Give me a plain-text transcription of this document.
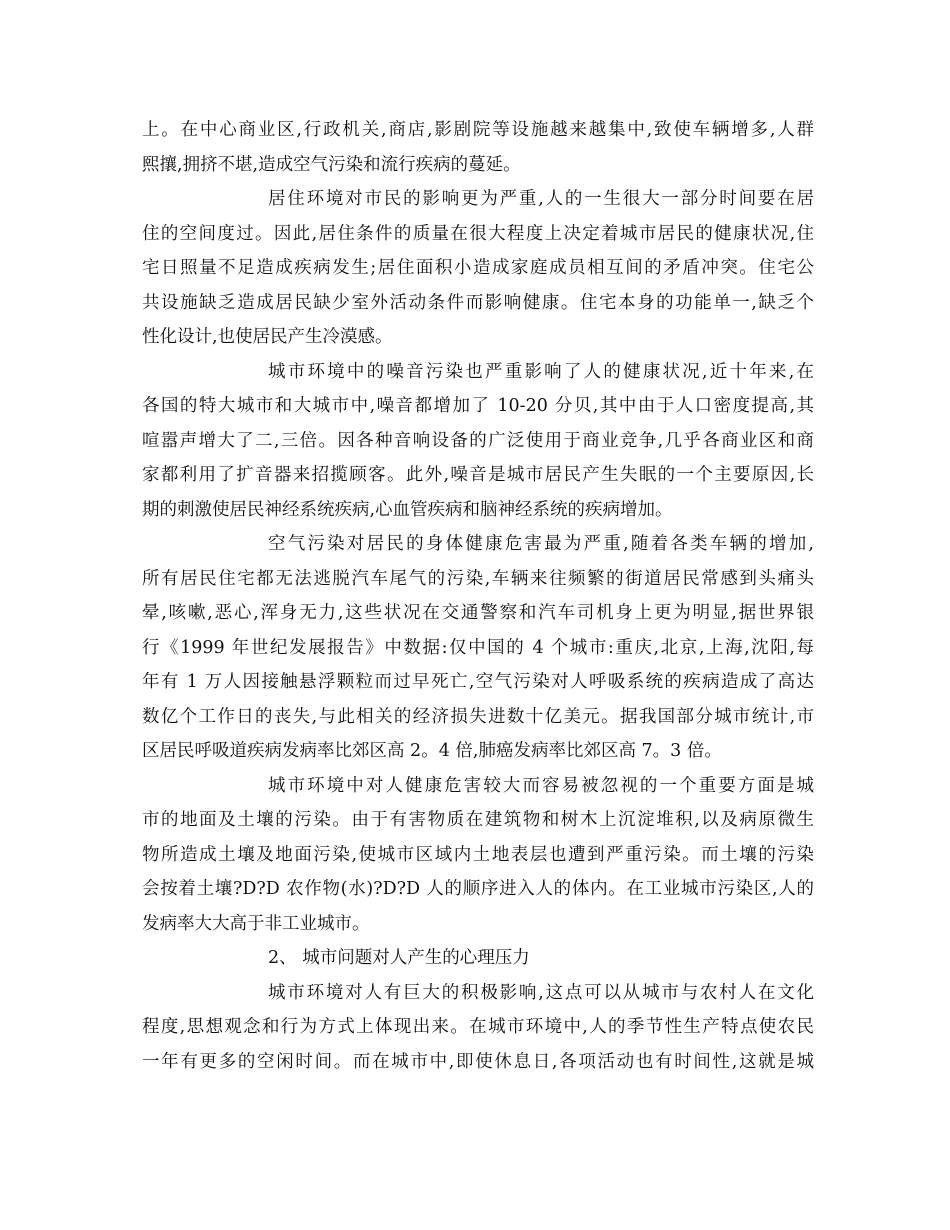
上。在中心商业区,行政机关,商店,影剧院等设施越来越集中,致使车辆增多,人群
熙攘,拥挤不堪,造成空气污染和流行疾病的蔓延。
居住环境对市民的影响更为严重,人的一生很大一部分时间要在居
住的空间度过。因此,居住条件的质量在很大程度上决定着城市居民的健康状况,住
宅日照量不足造成疾病发生;居住面积小造成家庭成员相互间的矛盾冲突。住宅公
共设施缺乏造成居民缺少室外活动条件而影响健康。住宅本身的功能单一,缺乏个
性化设计,也使居民产生冷漠感。
城市环境中的噪音污染也严重影响了人的健康状况,近十年来,在
各国的特大城市和大城市中,噪音都增加了 10-20 分贝,其中由于人口密度提高,其
喧嚣声增大了二,三倍。因各种音响设备的广泛使用于商业竞争,几乎各商业区和商
家都利用了扩音器来招揽顾客。此外,噪音是城市居民产生失眠的一个主要原因,长
期的刺激使居民神经系统疾病,心血管疾病和脑神经系统的疾病增加。
空气污染对居民的身体健康危害最为严重,随着各类车辆的增加,
所有居民住宅都无法逃脱汽车尾气的污染,车辆来往频繁的街道居民常感到头痛头
晕,咳嗽,恶心,浑身无力,这些状况在交通警察和汽车司机身上更为明显,据世界银
行《1999 年世纪发展报告》中数据:仅中国的 4 个城市:重庆,北京,上海,沈阳,每
年有 1 万人因接触悬浮颗粒而过早死亡,空气污染对人呼吸系统的疾病造成了高达
数亿个工作日的丧失,与此相关的经济损失进数十亿美元。据我国部分城市统计,市
区居民呼吸道疾病发病率比郊区高 2。4 倍,肺癌发病率比郊区高 7。3 倍。
城市环境中对人健康危害较大而容易被忽视的一个重要方面是城
市的地面及土壤的污染。由于有害物质在建筑物和树木上沉淀堆积,以及病原微生
物所造成土壤及地面污染,使城市区域内土地表层也遭到严重污染。而土壤的污染
会按着土壤?D?D 农作物(水)?D?D 人的顺序进入人的体内。在工业城市污染区,人的
发病率大大高于非工业城市。
2、 城市问题对人产生的心理压力
城市环境对人有巨大的积极影响,这点可以从城市与农村人在文化
程度,思想观念和行为方式上体现出来。在城市环境中,人的季节性生产特点使农民
一年有更多的空闲时间。而在城市中,即使休息日,各项活动也有时间性,这就是城
